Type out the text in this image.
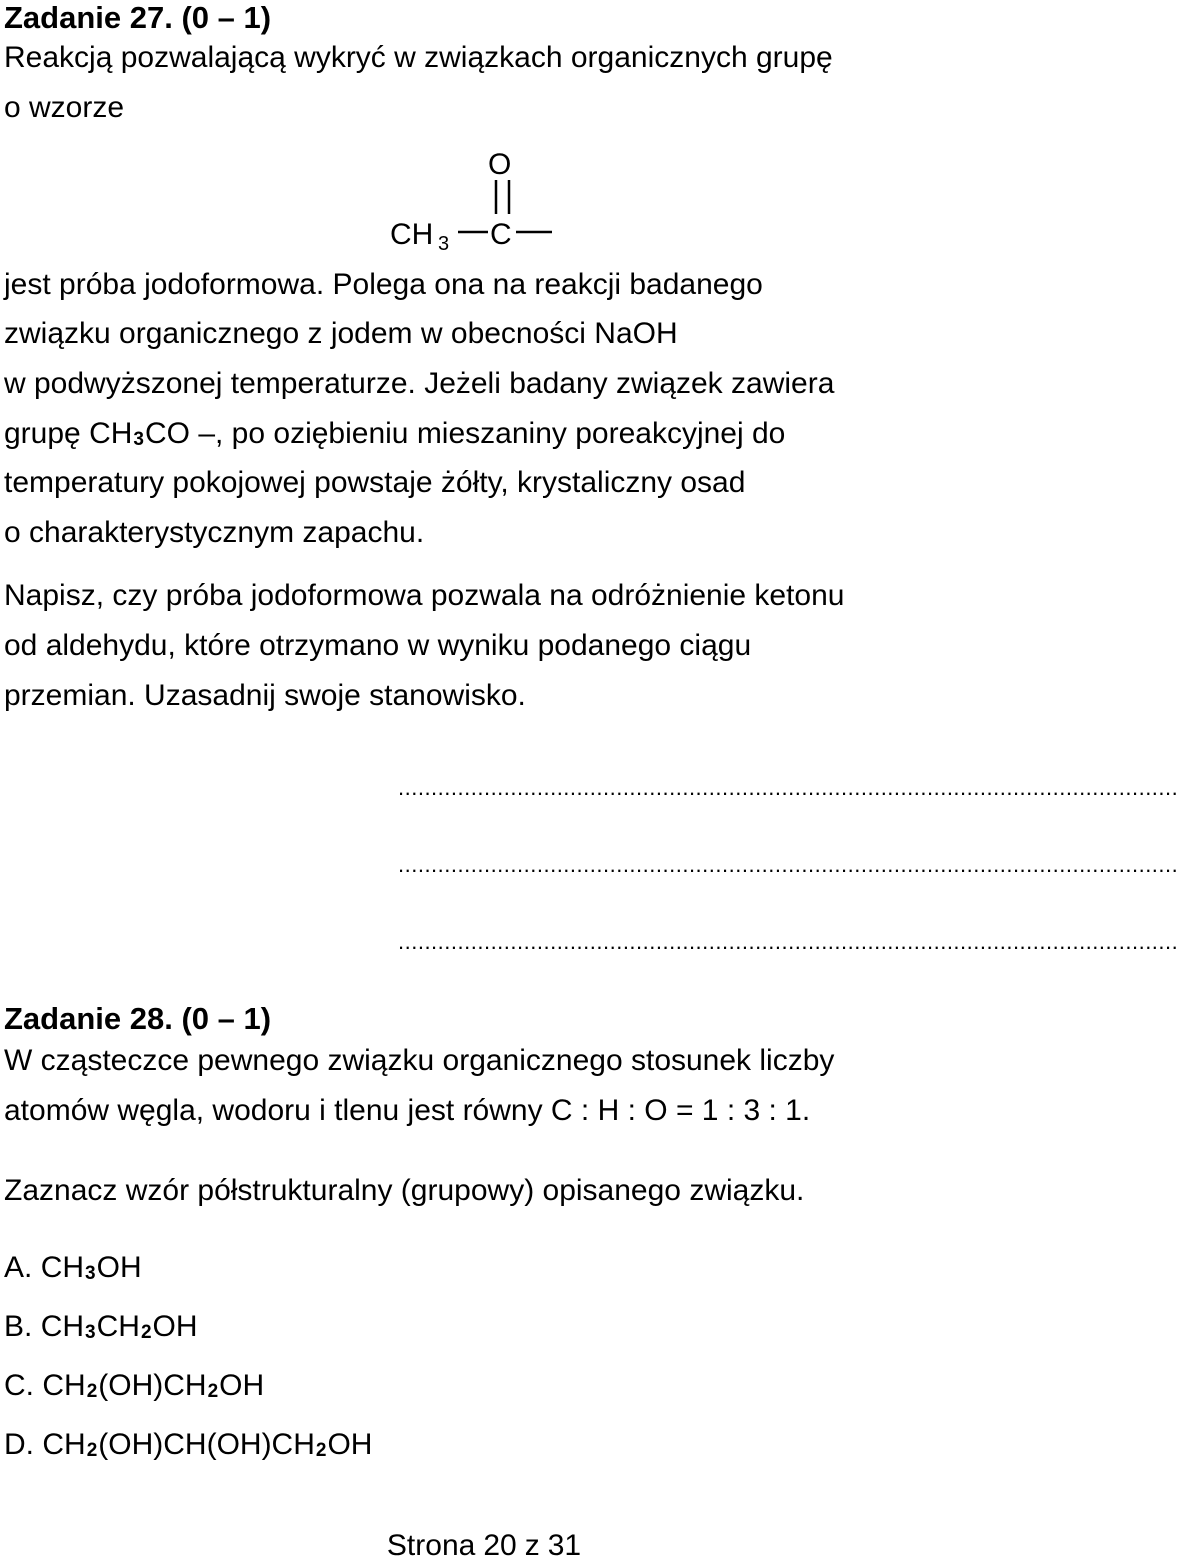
Zadanie 27. (0 – 1)
Reakcją pozwalającą wykryć w związkach organicznych grupę
o wzorze
O
CH 3 C
jest próba jodoformowa. Polega ona na reakcji badanego
związku organicznego z jodem w obecności NaOH
w podwyższonej temperaturze. Jeżeli badany związek zawiera
grupę CH3CO –, po oziębieniu mieszaniny poreakcyjnej do
temperatury pokojowej powstaje żółty, krystaliczny osad
o charakterystycznym zapachu.
Napisz, czy próba jodoformowa pozwala na odróżnienie ketonu
od aldehydu, które otrzymano w wyniku podanego ciągu
przemian. Uzasadnij swoje stanowisko.
......................................................................................................................
......................................................................................................................
......................................................................................................................
Zadanie 28. (0 – 1)
W cząsteczce pewnego związku organicznego stosunek liczby
atomów węgla, wodoru i tlenu jest równy C : H : O = 1 : 3 : 1.
Zaznacz wzór półstrukturalny (grupowy) opisanego związku.
A. CH3OH
B. CH3CH2OH
C. CH2(OH)CH2OH
D. CH2(OH)CH(OH)CH2OH
Strona 20 z 31
